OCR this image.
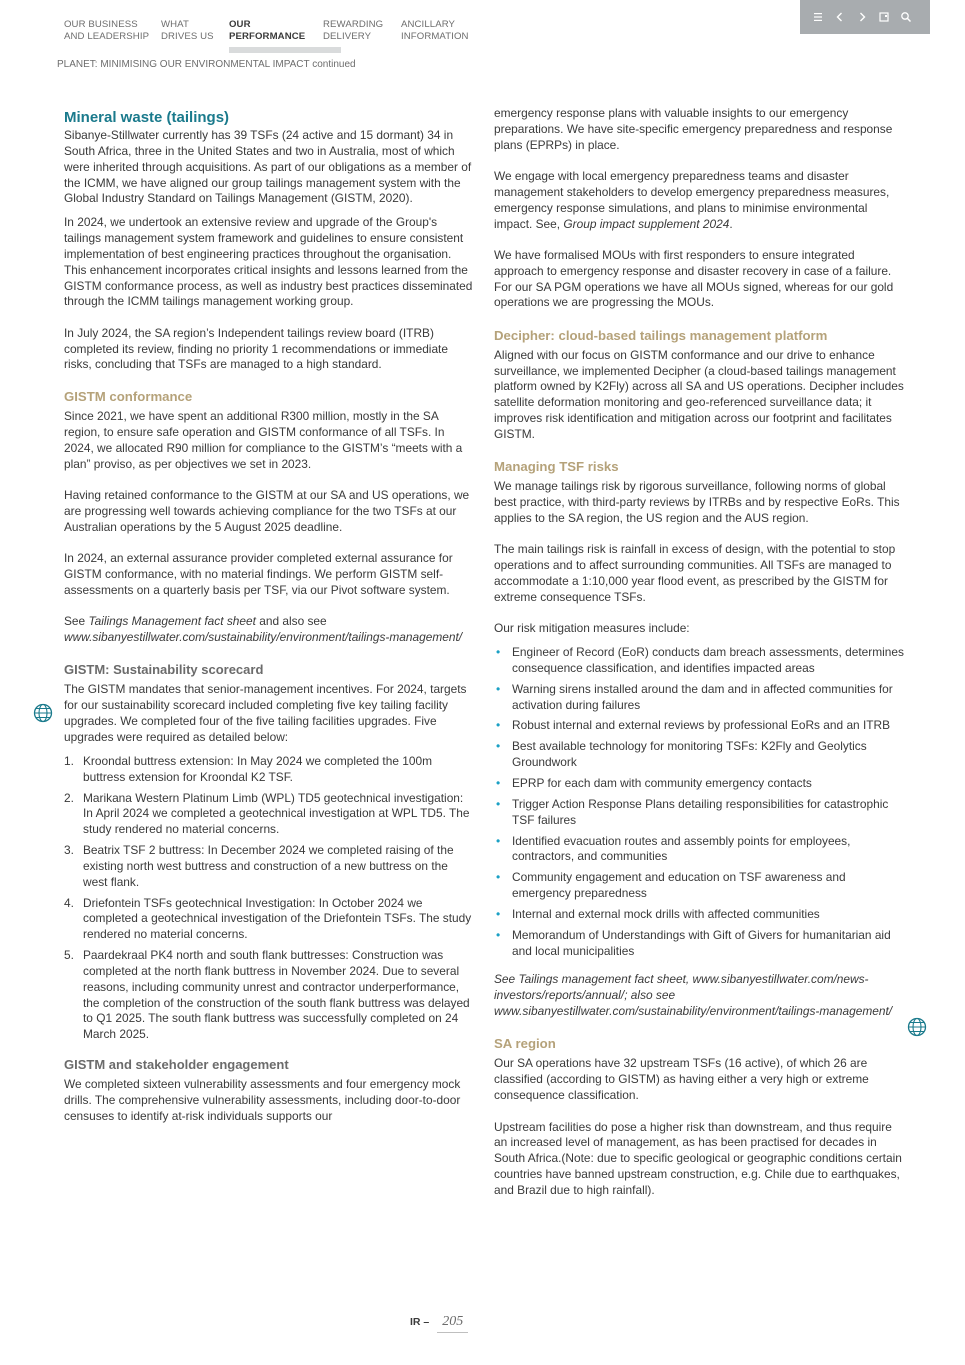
OUR BUSINESS
AND LEADERSHIP
WHAT
DRIVES US
OUR
PERFORMANCE
REWARDING
DELIVERY
ANCILLARY
INFORMATION
PLANET: MINIMISING OUR ENVIRONMENTAL IMPACT continued
Mineral waste (tailings)

Sibanye-Stillwater currently has 39 TSFs (24 active and 15 dormant) 34 in South Africa, three in the United States and two in Australia, most of which were inherited through acquisitions. As part of our obligations as a member of the ICMM, we have aligned our group tailings management system with the Global Industry Standard on Tailings Management (GISTM, 2020).

In 2024, we undertook an extensive review and upgrade of the Group's tailings management system framework and guidelines to ensure consistent implementation of best engineering practices throughout the organisation. This enhancement incorporates critical insights and lessons learned from the GISTM conformance process, as well as industry best practices disseminated through the ICMM tailings management working group.

In July 2024, the SA region’s Independent tailings review board (ITRB) completed its review, finding no priority 1 recommendations or immediate risks, concluding that TSFs are managed to a high standard.

GISTM conformance

Since 2021, we have spent an additional R300 million, mostly in the SA region, to ensure safe operation and GISTM conformance of all TSFs. In 2024, we allocated R90 million for compliance to the GISTM’s “meets with a plan” proviso, as per objectives we set in 2023.

Having retained conformance to the GISTM at our SA and US operations, we are progressing well towards achieving compliance for the two TSFs at our Australian operations by the 5 August 2025 deadline.

In 2024, an external assurance provider completed external assurance for GISTM conformance, with no material findings. We perform GISTM self-assessments on a quarterly basis per TSF, via our Pivot software system.

See Tailings Management fact sheet and also see www.sibanyestillwater.com/sustainability/environment/tailings-management/

GISTM: Sustainability scorecard

The GISTM mandates that senior-management incentives. For 2024, targets for our sustainability scorecard included completing five key tailing facility upgrades. We completed four of the five tailing facilities upgrades. Five upgrades were required as detailed below:

1. Kroondal buttress extension: In May 2024 we completed the 100m buttress extension for Kroondal K2 TSF.
2. Marikana Western Platinum Limb (WPL) TD5 geotechnical investigation: In April 2024 we completed a geotechnical investigation at WPL TD5. The study rendered no material concerns.
3. Beatrix TSF 2 buttress: In December 2024 we completed raising of the existing north west buttress and construction of a new buttress on the west flank.
4. Driefontein TSFs geotechnical Investigation: In October 2024 we completed a geotechnical investigation of the Driefontein TSFs. The study rendered no material concerns.
5. Paardekraal PK4 north and south flank buttresses: Construction was completed at the north flank buttress in November 2024. Due to several reasons, including community unrest and contractor underperformance, the completion of the construction of the south flank buttress was delayed to Q1 2025. The south flank buttress was successfully completed on 24 March 2025.
GISTM and stakeholder engagement

We completed sixteen vulnerability assessments and four emergency mock drills. The comprehensive vulnerability assessments, including door-to-door censuses to identify at-risk individuals supports our

emergency response plans with valuable insights to our emergency preparations. We have site-specific emergency preparedness and response plans (EPRPs) in place.

We engage with local emergency preparedness teams and disaster management stakeholders to develop emergency preparedness measures, emergency response simulations, and plans to minimise environmental impact. See, Group impact supplement 2024.

We have formalised MOUs with first responders to ensure integrated approach to emergency response and disaster recovery in case of a failure. For our SA PGM operations we have all MOUs signed, whereas for our gold operations we are progressing the MOUs.

Decipher: cloud-based tailings management platform

Aligned with our focus on GISTM conformance and our drive to enhance surveillance, we implemented Decipher (a cloud-based tailings management platform owned by K2Fly) across all SA and US operations. Decipher includes satellite deformation monitoring and geo-referenced surveillance data; it improves risk identification and mitigation across our footprint and facilitates GISTM.

Managing TSF risks

We manage tailings risk by rigorous surveillance, following norms of global best practice, with third-party reviews by ITRBs and by respective EoRs. This applies to the SA region, the US region and the AUS region.

The main tailings risk is rainfall in excess of design, with the potential to stop operations and to affect surrounding communities. All TSFs are managed to accommodate a 1:10,000 year flood event, as prescribed by the GISTM for extreme consequence TSFs.

Our risk mitigation measures include:

• Engineer of Record (EoR) conducts dam breach assessments, determines consequence classification, and identifies impacted areas
• Warning sirens installed around the dam and in affected communities for activation during failures
• Robust internal and external reviews by professional EoRs and an ITRB
• Best available technology for monitoring TSFs: K2Fly and Geolytics Groundwork
• EPRP for each dam with community emergency contacts
• Trigger Action Response Plans detailing responsibilities for catastrophic TSF failures
• Identified evacuation routes and assembly points for employees, contractors, and communities
• Community engagement and education on TSF awareness and emergency preparedness
• Internal and external mock drills with affected communities
• Memorandum of Understandings with Gift of Givers for humanitarian aid and local municipalities

See Tailings management fact sheet, www.sibanyestillwater.com/news-investors/reports/annual/; also see www.sibanyestillwater.com/sustainability/environment/tailings-management/

SA region

Our SA operations have 32 upstream TSFs (16 active), of which 26 are classified (according to GISTM) as having either a very high or extreme consequence classification.

Upstream facilities do pose a higher risk than downstream, and thus require an increased level of management, as has been practised for decades in South Africa.(Note: due to specific geological or geographic conditions certain countries have banned upstream construction, e.g. Chile due to earthquakes, and Brazil due to high rainfall).

IR – 205
